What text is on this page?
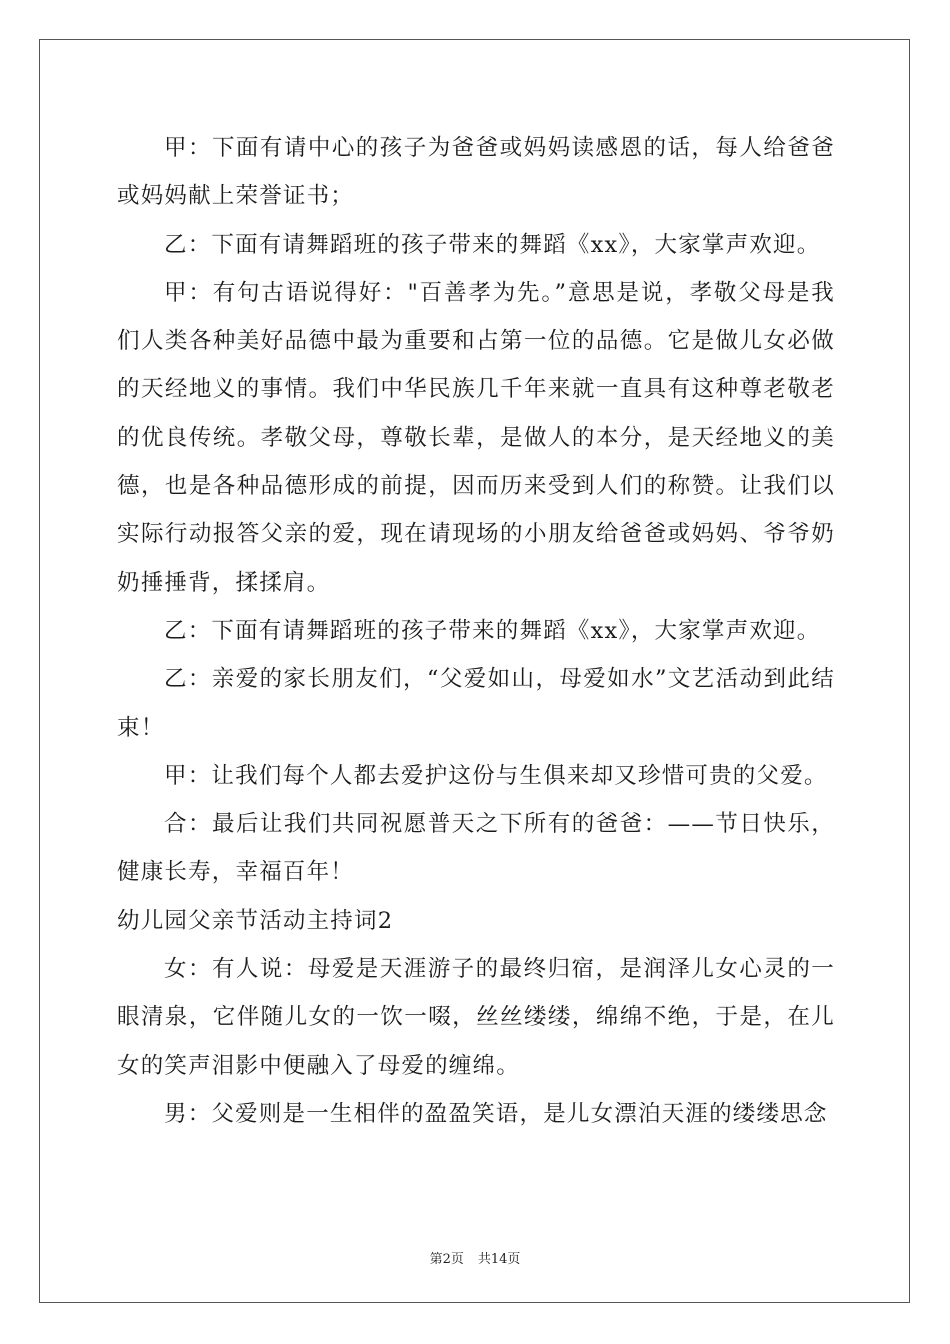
甲：下面有请中心的孩子为爸爸或妈妈读感恩的话，每人给爸爸或妈妈献上荣誉证书；

乙：下面有请舞蹈班的孩子带来的舞蹈《xx》，大家掌声欢迎。

甲：有句古语说得好："百善孝为先。”意思是说，孝敬父母是我们人类各种美好品德中最为重要和占第一位的品德。它是做儿女必做的天经地义的事情。我们中华民族几千年来就一直具有这种尊老敬老的优良传统。孝敬父母，尊敬长辈，是做人的本分，是天经地义的美德，也是各种品德形成的前提，因而历来受到人们的称赞。让我们以实际行动报答父亲的爱，现在请现场的小朋友给爸爸或妈妈、爷爷奶奶捶捶背，揉揉肩。

乙：下面有请舞蹈班的孩子带来的舞蹈《xx》，大家掌声欢迎。

乙：亲爱的家长朋友们，“父爱如山，母爱如水”文艺活动到此结束！

甲：让我们每个人都去爱护这份与生俱来却又珍惜可贵的父爱。

合：最后让我们共同祝愿普天之下所有的爸爸：——节日快乐，健康长寿，幸福百年！

幼儿园父亲节活动主持词2

女：有人说：母爱是天涯游子的最终归宿，是润泽儿女心灵的一眼清泉，它伴随儿女的一饮一啜，丝丝缕缕，绵绵不绝，于是，在儿女的笑声泪影中便融入了母爱的缠绵。

男：父爱则是一生相伴的盈盈笑语，是儿女漂泊天涯的缕缕思念

第2页 共14页
